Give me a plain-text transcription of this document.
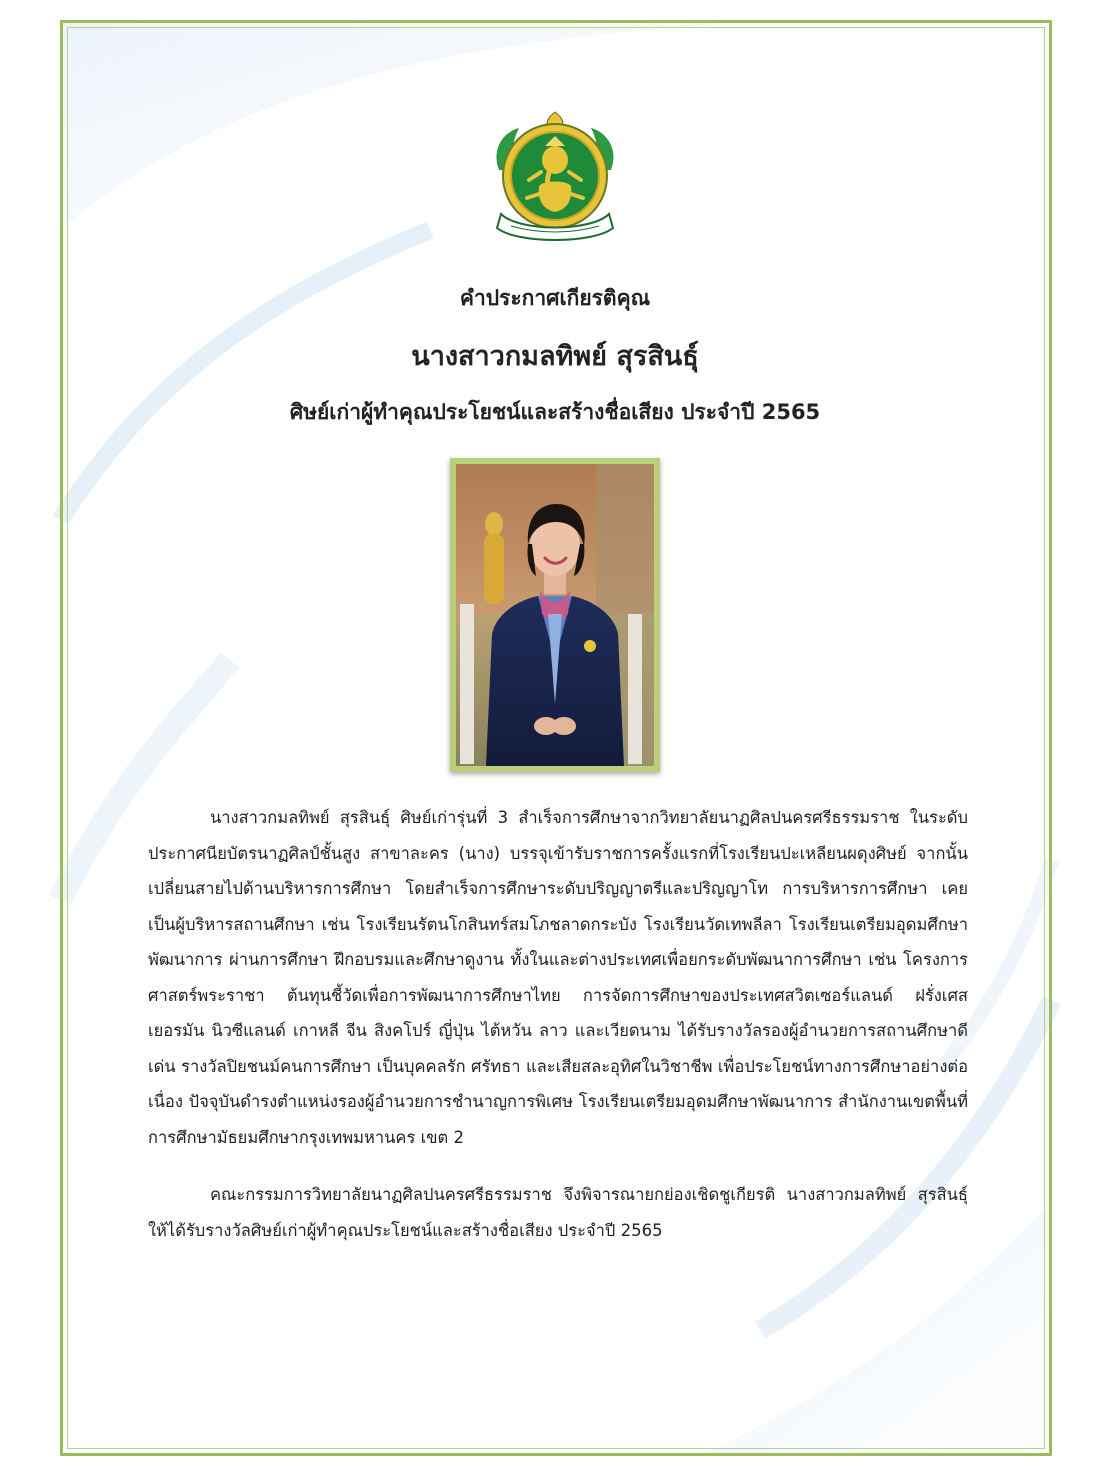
คำประกาศเกียรติคุณ
นางสาวกมลทิพย์ สุรสินธุ์
ศิษย์เก่าผู้ทำคุณประโยชน์และสร้างชื่อเสียง ประจำปี 2565

นางสาวกมลทิพย์ สุรสินธุ์ ศิษย์เก่ารุ่นที่ 3 สำเร็จการศึกษาจากวิทยาลัยนาฏศิลปนครศรีธรรมราช ในระดับประกาศนียบัตรนาฏศิลป์ชั้นสูง สาขาละคร (นาง) บรรจุเข้ารับราชการครั้งแรกที่โรงเรียนปะเหลียนผดุงศิษย์ จากนั้นเปลี่ยนสายไปด้านบริหารการศึกษา โดยสำเร็จการศึกษาระดับปริญญาตรีและปริญญาโท การบริหารการศึกษา เคยเป็นผู้บริหารสถานศึกษา เช่น โรงเรียนรัตนโกสินทร์สมโภชลาดกระบัง โรงเรียนวัดเทพลีลา โรงเรียนเตรียมอุดมศึกษาพัฒนาการ ผ่านการศึกษา ฝึกอบรมและศึกษาดูงาน ทั้งในและต่างประเทศเพื่อยกระดับพัฒนาการศึกษา เช่น โครงการศาสตร์พระราชา ต้นทุนชี้วัดเพื่อการพัฒนาการศึกษาไทย การจัดการศึกษาของประเทศสวิตเซอร์แลนด์ ฝรั่งเศส เยอรมัน นิวซีแลนด์ เกาหลี จีน สิงคโปร์ ญี่ปุ่น ไต้หวัน ลาว และเวียดนาม ได้รับรางวัลรองผู้อำนวยการสถานศึกษาดีเด่น รางวัลปิยชนม์คนการศึกษา เป็นบุคคลรัก ศรัทธา และเสียสละอุทิศในวิชาชีพ เพื่อประโยชน์ทางการศึกษาอย่างต่อเนื่อง ปัจจุบันดำรงตำแหน่งรองผู้อำนวยการชำนาญการพิเศษ โรงเรียนเตรียมอุดมศึกษาพัฒนาการ สำนักงานเขตพื้นที่การศึกษามัธยมศึกษากรุงเทพมหานคร เขต 2

คณะกรรมการวิทยาลัยนาฏศิลปนครศรีธรรมราช จึงพิจารณายกย่องเชิดชูเกียรติ นางสาวกมลทิพย์ สุรสินธุ์ ให้ได้รับรางวัลศิษย์เก่าผู้ทำคุณประโยชน์และสร้างชื่อเสียง ประจำปี 2565
